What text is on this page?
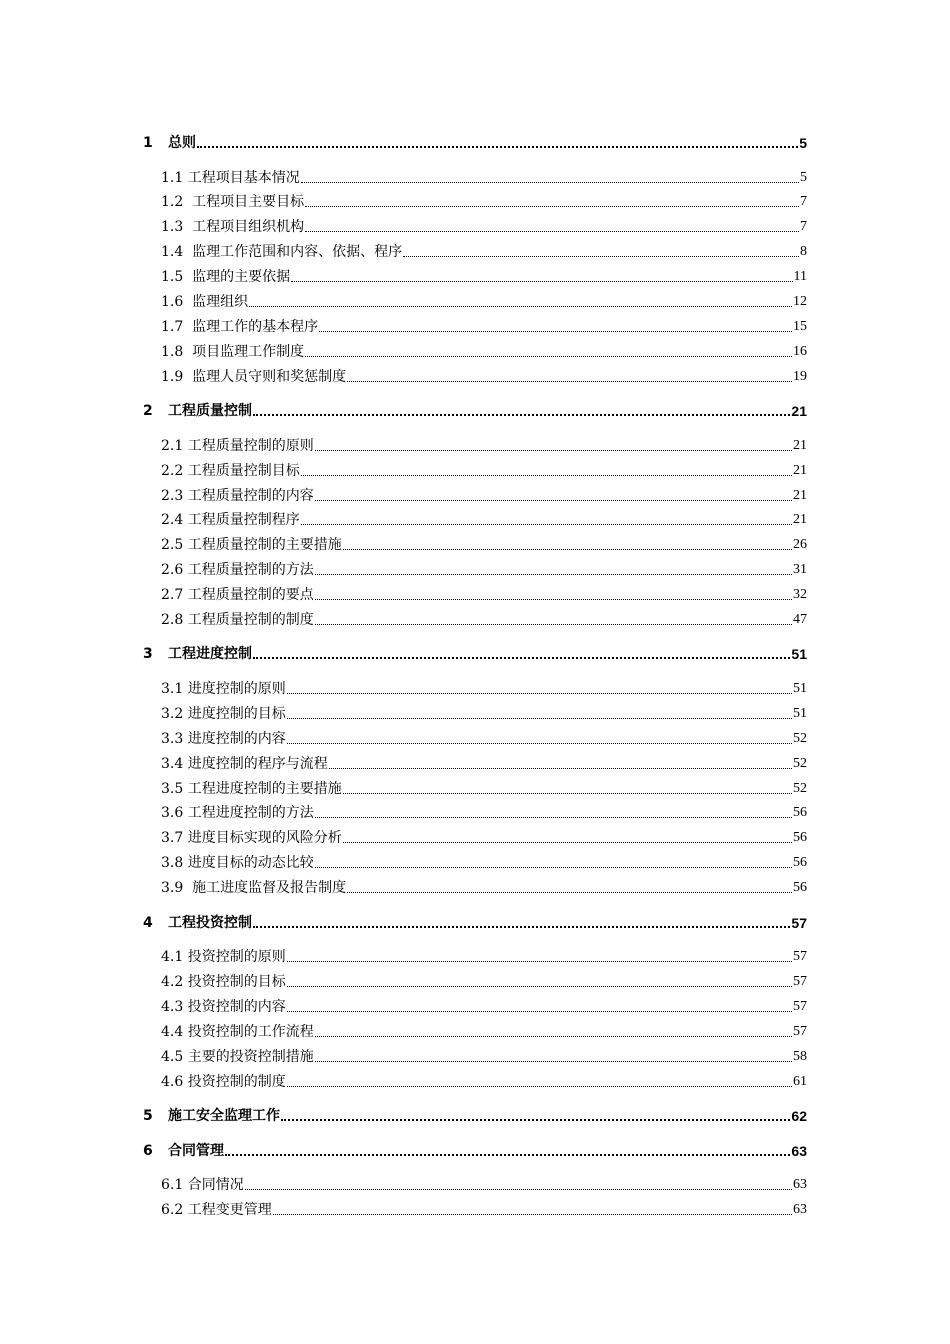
1	总则	5
1.1 工程项目基本情况	5
1.2 工程项目主要目标	7
1.3 工程项目组织机构	7
1.4 监理工作范围和内容、依据、程序	8
1.5 监理的主要依据	11
1.6 监理组织	12
1.7 监理工作的基本程序	15
1.8 项目监理工作制度	16
1.9 监理人员守则和奖惩制度	19
2	工程质量控制	21
2.1 工程质量控制的原则	21
2.2 工程质量控制目标	21
2.3 工程质量控制的内容	21
2.4 工程质量控制程序	21
2.5 工程质量控制的主要措施	26
2.6 工程质量控制的方法	31
2.7 工程质量控制的要点	32
2.8 工程质量控制的制度	47
3	工程进度控制	51
3.1 进度控制的原则	51
3.2 进度控制的目标	51
3.3 进度控制的内容	52
3.4 进度控制的程序与流程	52
3.5 工程进度控制的主要措施	52
3.6 工程进度控制的方法	56
3.7 进度目标实现的风险分析	56
3.8 进度目标的动态比较	56
3.9 施工进度监督及报告制度	56
4	工程投资控制	57
4.1 投资控制的原则	57
4.2 投资控制的目标	57
4.3 投资控制的内容	57
4.4 投资控制的工作流程	57
4.5 主要的投资控制措施	58
4.6 投资控制的制度	61
5	施工安全监理工作	62
6	合同管理	63
6.1 合同情况	63
6.2 工程变更管理	63
